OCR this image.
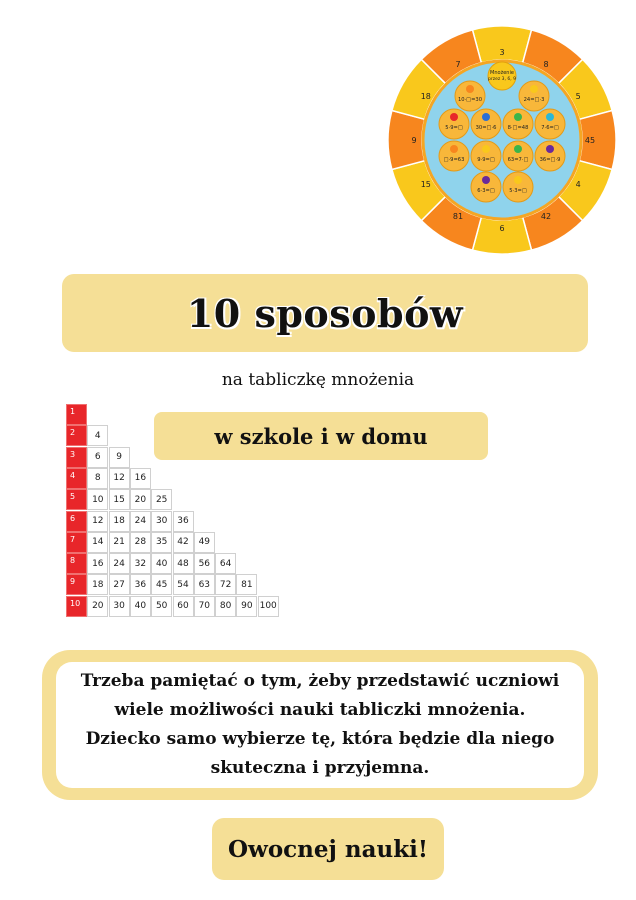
3
8
5
45
4
42
6
81
15
9
18
7
10·□=30	24=□·3
5·9=□ 30=□·6 8·□=48 7·6=□
□·9=63 9·9=□ 63=7·□ 36=□·9
6·3=□	5·3=□
Mnożenie
przez 3, 6, 9
10 sposobów
na tabliczkę mnożenia
1
2	4
3	6	9
4	8	12	16
5	10	15	20	25
6	12	18	24	30	36
7	14	21	28	35	42	49
8	16	24	32	40	48	56	64
9	18	27	36	45	54	63	72	81
10	20	30	40	50	60	70	80	90 100
w szkole i w domu
Trzeba pamiętać o tym, żeby przedstawić uczniowi
wiele możliwości nauki tabliczki mnożenia.
Dziecko samo wybierze tę, która będzie dla niego
skuteczna i przyjemna.
Owocnej nauki!
